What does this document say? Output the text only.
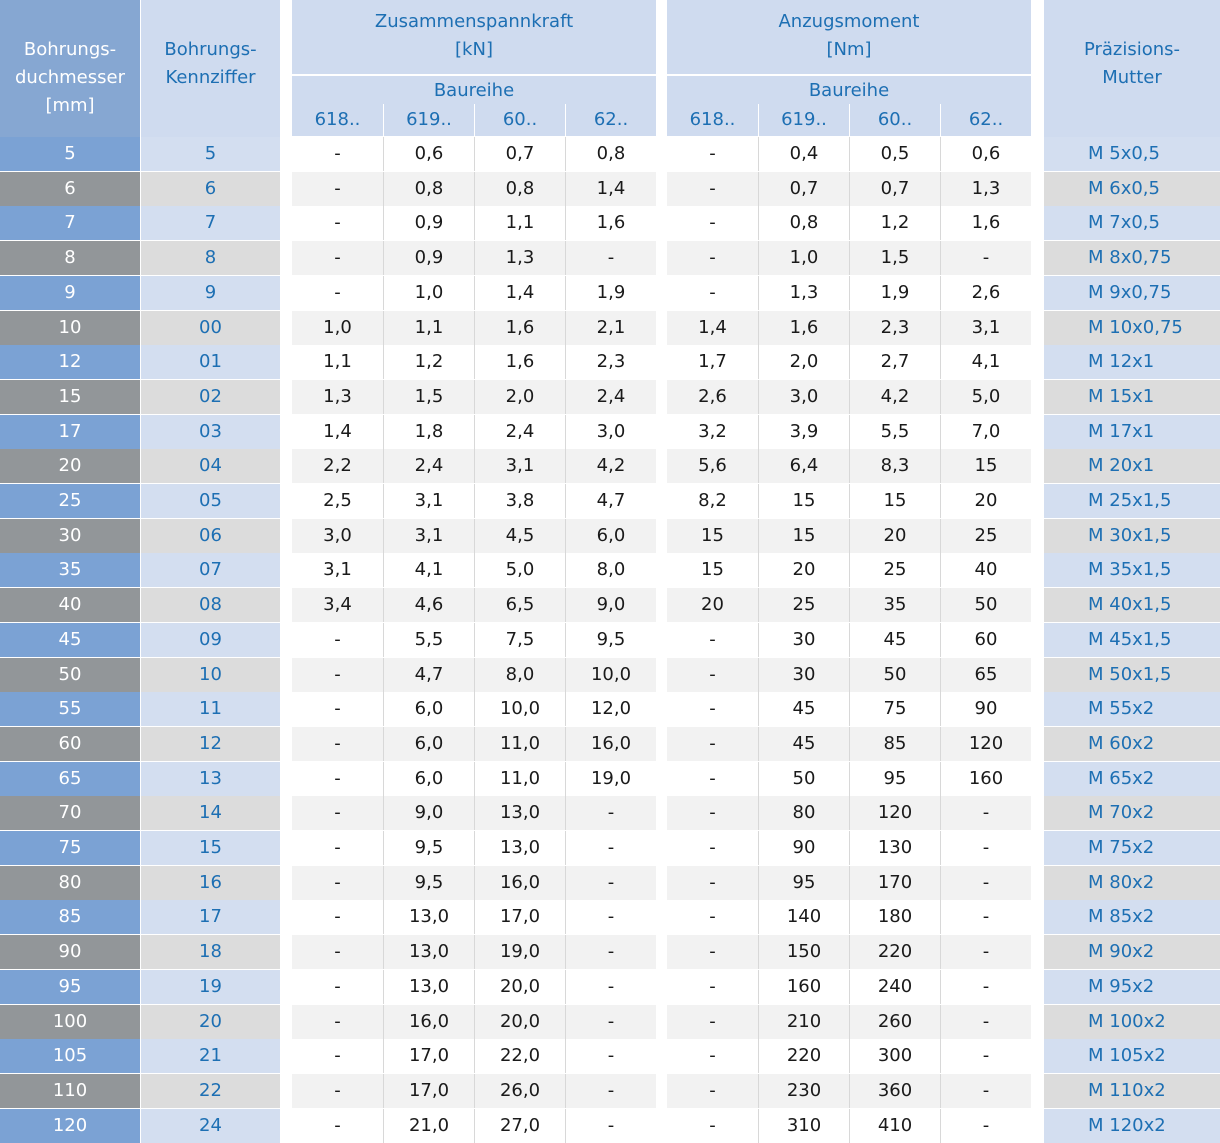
Bohrungs-
duchmesser
[mm]
Bohrungs-
Kennziffer
Zusammenspannkraft
[kN]
Anzugsmoment
[Nm]	Präzisions-
Mutter
Baureihe
618..	619..	60..	62..
Baureihe
618..	619..	60..	62..
5	5	-	0,6	0,7	0,8	-	0,4	0,5	0,6	M 5x0,5
6	6	-	0,8	0,8	1,4	-	0,7	0,7	1,3	M 6x0,5
7	7	-	0,9	1,1	1,6	-	0,8	1,2	1,6	M 7x0,5
8	8	-	0,9	1,3	-	-	1,0	1,5	-	M 8x0,75
9	9	-	1,0	1,4	1,9	-	1,3	1,9	2,6	M 9x0,75
10	00	1,0	1,1	1,6	2,1	1,4	1,6	2,3	3,1	M 10x0,75
12	01	1,1	1,2	1,6	2,3	1,7	2,0	2,7	4,1	M 12x1
15	02	1,3	1,5	2,0	2,4	2,6	3,0	4,2	5,0	M 15x1
17	03	1,4	1,8	2,4	3,0	3,2	3,9	5,5	7,0	M 17x1
20	04	2,2	2,4	3,1	4,2	5,6	6,4	8,3	15	M 20x1
25	05	2,5	3,1	3,8	4,7	8,2	15	15	20	M 25x1,5
30	06	3,0	3,1	4,5	6,0	15	15	20	25	M 30x1,5
35	07	3,1	4,1	5,0	8,0	15	20	25	40	M 35x1,5
40	08	3,4	4,6	6,5	9,0	20	25	35	50	M 40x1,5
45	09	-	5,5	7,5	9,5	-	30	45	60	M 45x1,5
50	10	-	4,7	8,0	10,0	-	30	50	65	M 50x1,5
55	11	-	6,0	10,0	12,0	-	45	75	90	M 55x2
60	12	-	6,0	11,0	16,0	-	45	85	120	M 60x2
65	13	-	6,0	11,0	19,0	-	50	95	160	M 65x2
70	14	-	9,0	13,0	-	-	80	120	-	M 70x2
75	15	-	9,5	13,0	-	-	90	130	-	M 75x2
80	16	-	9,5	16,0	-	-	95	170	-	M 80x2
85	17	-	13,0	17,0	-	-	140	180	-	M 85x2
90	18	-	13,0	19,0	-	-	150	220	-	M 90x2
95	19	-	13,0	20,0	-	-	160	240	-	M 95x2
100	20	-	16,0	20,0	-	-	210	260	-	M 100x2
105	21	-	17,0	22,0	-	-	220	300	-	M 105x2
110	22	-	17,0	26,0	-	-	230	360	-	M 110x2
120	24	-	21,0	27,0	-	-	310	410	-	M 120x2
